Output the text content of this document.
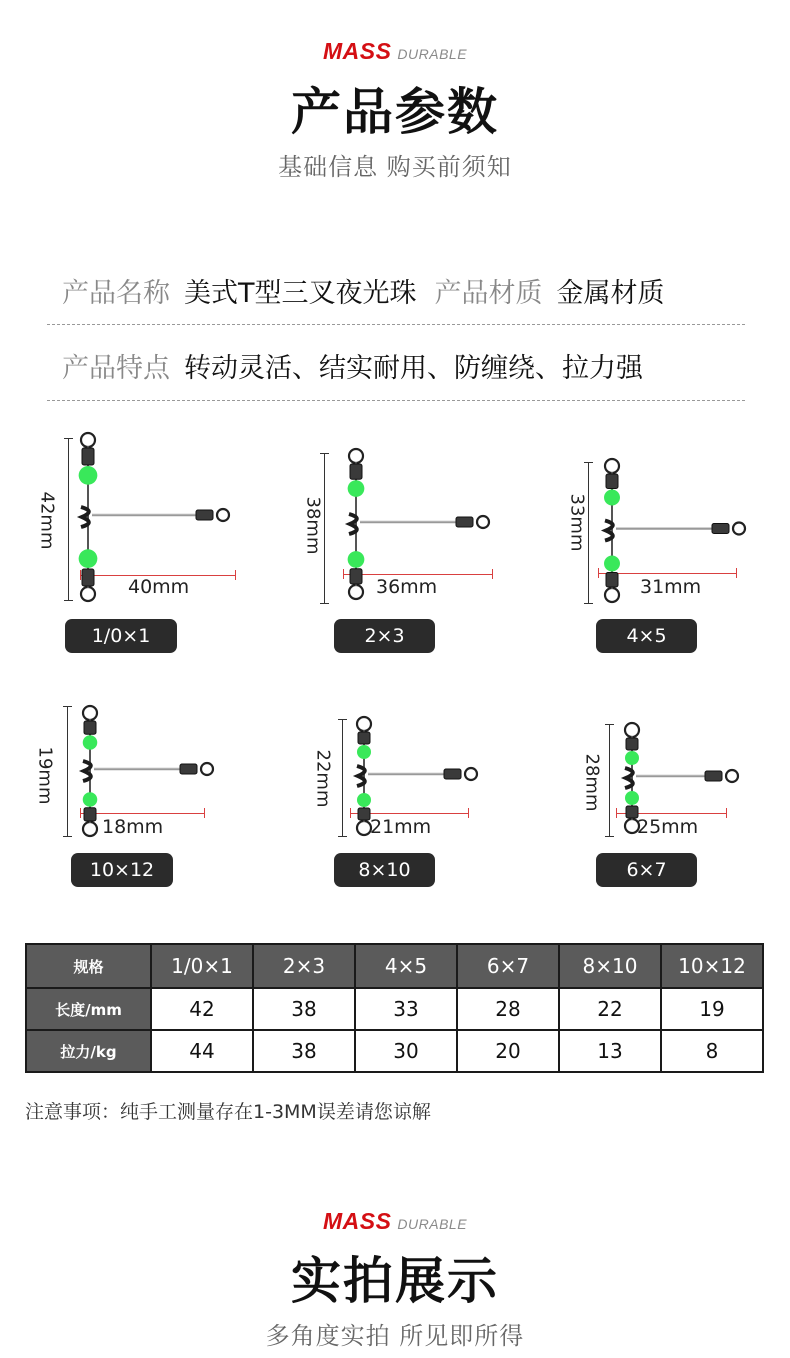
MASS DURABLE
产品参数
基础信息 购买前须知
产品名称 美式T型三叉夜光珠 产品材质 金属材质
产品特点 转动灵活、结实耐用、防缠绕、拉力强
42mm
40mm
1/0×1
38mm
36mm
2×3
33mm
31mm
4×5
19mm
18mm
10×12
22mm
21mm
8×10
28mm
25mm
6×7
规格	1/0×1	2×3	4×5	6×7	8×10	10×12
长度/mm	42	38	33	28	22	19
拉力/kg	44	38	30	20	13	8
注意事项：纯手工测量存在1-3MM误差请您谅解
MASS DURABLE
实拍展示
多角度实拍 所见即所得
